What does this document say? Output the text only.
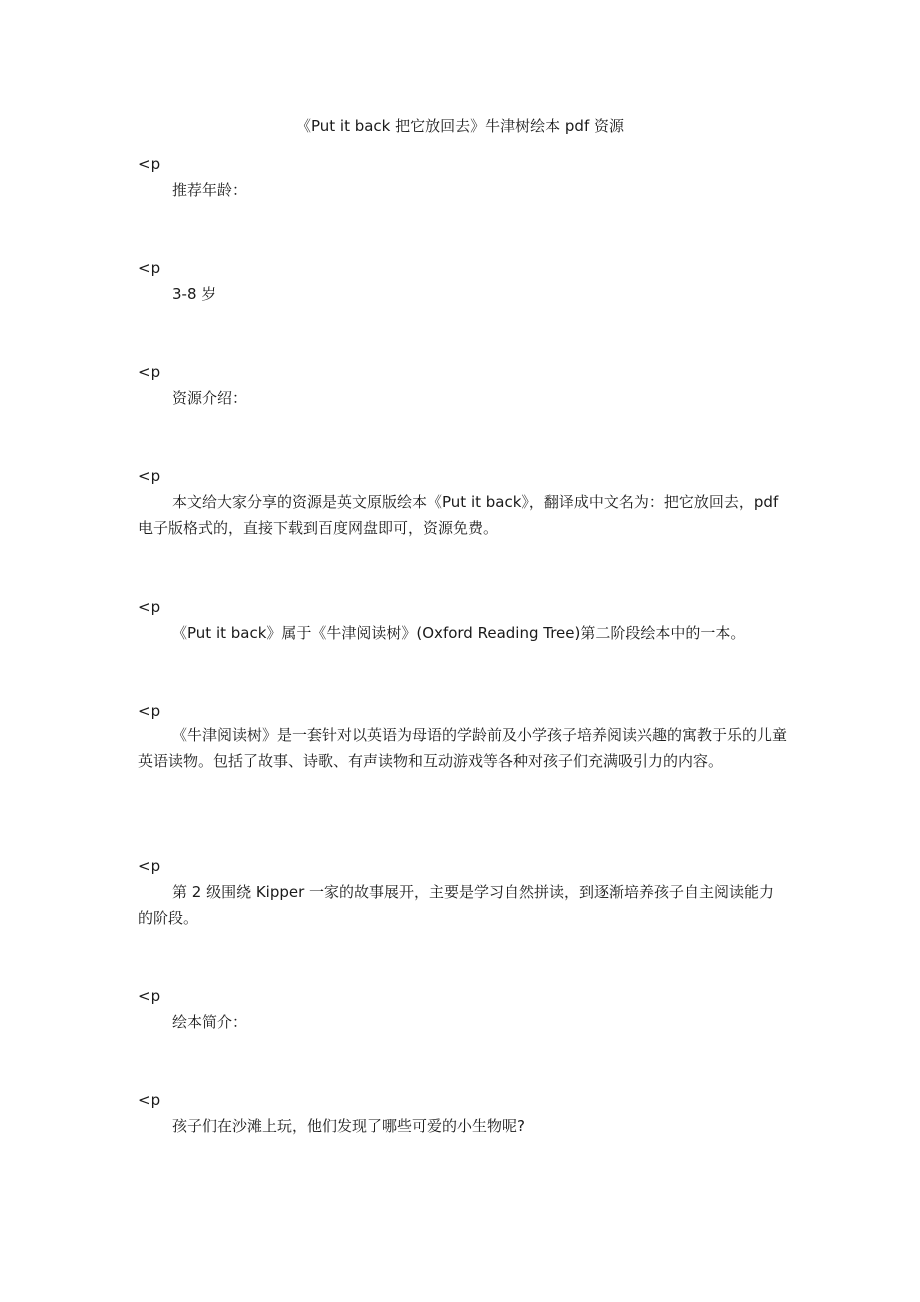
《Put it back 把它放回去》牛津树绘本 pdf 资源
<p

推荐年龄：

<p

3-8 岁

<p

资源介绍：

<p

本文给大家分享的资源是英文原版绘本《Put it back》，翻译成中文名为：把它放回去，pdf 电子版格式的，直接下载到百度网盘即可，资源免费。

<p

《Put it back》属于《牛津阅读树》(Oxford Reading Tree)第二阶段绘本中的一本。

<p

《牛津阅读树》是一套针对以英语为母语的学龄前及小学孩子培养阅读兴趣的寓教于乐的儿童英语读物。包括了故事、诗歌、有声读物和互动游戏等各种对孩子们充满吸引力的内容。

<p

第 2 级围绕 Kipper 一家的故事展开，主要是学习自然拼读，到逐渐培养孩子自主阅读能力的阶段。

<p

绘本简介：

<p

孩子们在沙滩上玩，他们发现了哪些可爱的小生物呢?
